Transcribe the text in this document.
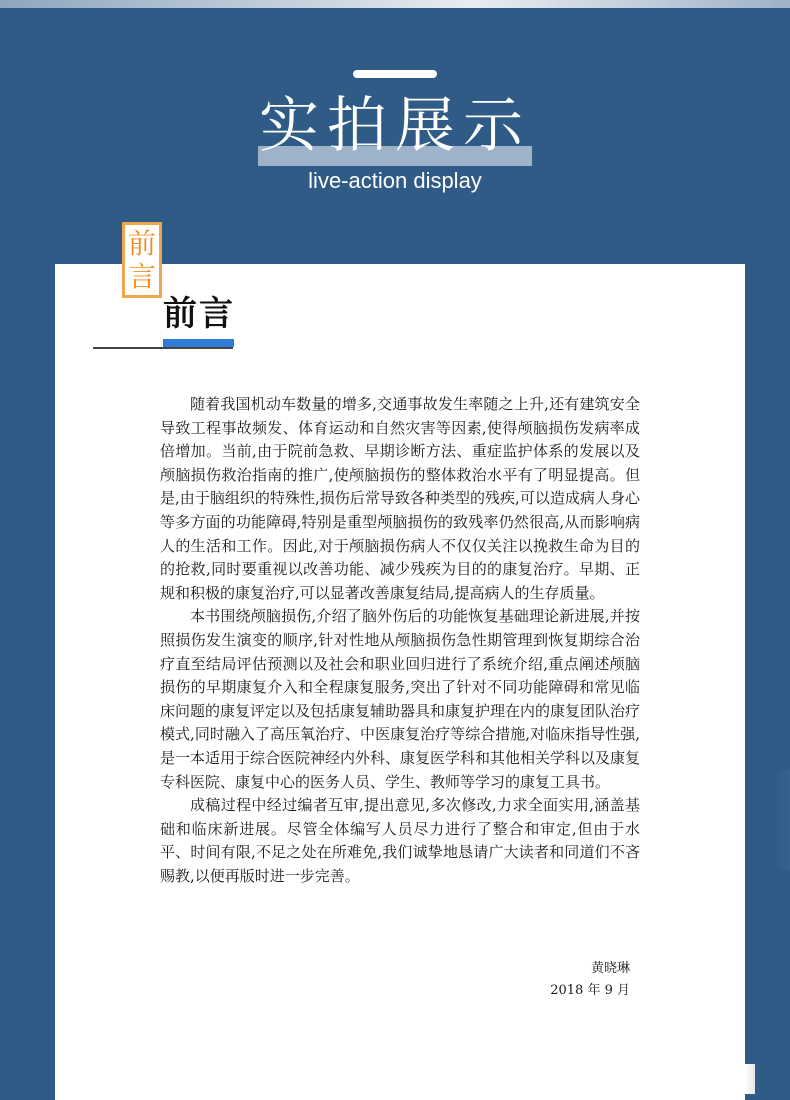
实拍展示
live-action display
前
言
前言

随着我国机动车数量的增多,交通事故发生率随之上升,还有建筑安全导致工程事故频发、体育运动和自然灾害等因素,使得颅脑损伤发病率成倍增加。当前,由于院前急救、早期诊断方法、重症监护体系的发展以及颅脑损伤救治指南的推广,使颅脑损伤的整体救治水平有了明显提高。但是,由于脑组织的特殊性,损伤后常导致各种类型的残疾,可以造成病人身心等多方面的功能障碍,特别是重型颅脑损伤的致残率仍然很高,从而影响病人的生活和工作。因此,对于颅脑损伤病人不仅仅关注以挽救生命为目的的抢救,同时要重视以改善功能、减少残疾为目的的康复治疗。早期、正规和积极的康复治疗,可以显著改善康复结局,提高病人的生存质量。

本书围绕颅脑损伤,介绍了脑外伤后的功能恢复基础理论新进展,并按照损伤发生演变的顺序,针对性地从颅脑损伤急性期管理到恢复期综合治疗直至结局评估预测以及社会和职业回归进行了系统介绍,重点阐述颅脑损伤的早期康复介入和全程康复服务,突出了针对不同功能障碍和常见临床问题的康复评定以及包括康复辅助器具和康复护理在内的康复团队治疗模式,同时融入了高压氧治疗、中医康复治疗等综合措施,对临床指导性强,是一本适用于综合医院神经内外科、康复医学科和其他相关学科以及康复专科医院、康复中心的医务人员、学生、教师等学习的康复工具书。

成稿过程中经过编者互审,提出意见,多次修改,力求全面实用,涵盖基础和临床新进展。尽管全体编写人员尽力进行了整合和审定,但由于水平、时间有限,不足之处在所难免,我们诚挚地恳请广大读者和同道们不吝赐教,以便再版时进一步完善。

黄晓琳
2018 年 9 月
